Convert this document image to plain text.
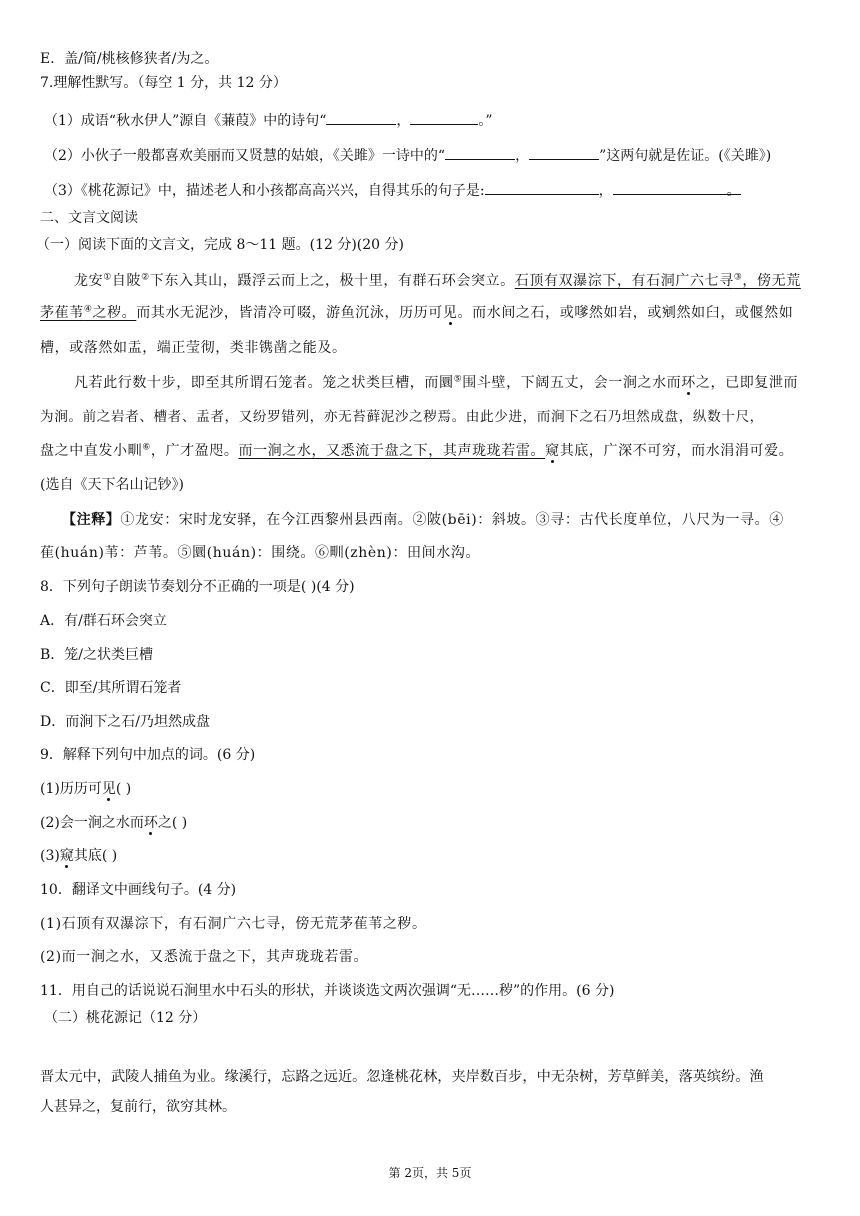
E．盖/简/桃核修狭者/为之。
7.理解性默写。（每空 1 分，共 12 分）
（1）成语“秋水伊人”源自《蒹葭》中的诗句“	，	。”
（2）小伙子一般都喜欢美丽而又贤慧的姑娘，《关雎》一诗中的“	，	”这两句就是佐证。(《关雎》)
（3）《桃花源记》中，描述老人和小孩都高高兴兴，自得其乐的句子是:	，	。
二、文言文阅读
（一）阅读下面的文言文，完成 8～11 题。(12 分)(20 分)
龙安①自陂②下东入其山，蹑浮云而上之，极十里，有群石环会突立。石顶有双瀑淙下，有石洞广六七寻③，傍无荒
茅萑苇④之秽。而其水无泥沙，皆清冷可啜，游鱼沉泳，历历可见。而水间之石，或嗲然如岩，或剜然如臼，或偃然如
槽，或落然如盂，端正莹彻，类非镌凿之能及。
凡若此行数十步，即至其所谓石笼者。笼之状类巨槽，而圜⑤围斗壁，下阔五丈，会一涧之水而环之，已即复泄而
为涧。前之岩者、槽者、盂者，又纷罗错列，亦无苔藓泥沙之秽焉。由此少进，而涧下之石乃坦然成盘，纵数十尺，
盘之中直发小甽⑥，广才盈咫。而一涧之水，又悉流于盘之下，其声珑珑若雷。窥其底，广深不可穷，而水涓涓可爱。
(选自《天下名山记钞》)
【注释】①龙安：宋时龙安驿，在今江西黎州县西南。②陂(bēi)：斜坡。③寻：古代长度单位，八尺为一寻。④
萑(huán)苇：芦苇。⑤圜(huán)：围绕。⑥甽(zhèn)：田间水沟。
8．下列句子朗读节奏划分不正确的一项是( )(4 分)
A．有/群石环会突立
B．笼/之状类巨槽
C．即至/其所谓石笼者
D．而涧下之石/乃坦然成盘
9．解释下列句中加点的词。(6 分)
(1)历历可见( )
(2)会一涧之水而环之( )
(3)窥其底( )
10．翻译文中画线句子。(4 分)
(1)石顶有双瀑淙下，有石洞广六七寻，傍无荒茅萑苇之秽。
(2)而一涧之水，又悉流于盘之下，其声珑珑若雷。
11．用自己的话说说石涧里水中石头的形状，并谈谈选文两次强调“无……秽”的作用。(6 分)
（二）桃花源记（12 分）
晋太元中，武陵人捕鱼为业。缘溪行，忘路之远近。忽逢桃花林，夹岸数百步，中无杂树，芳草鲜美，落英缤纷。渔
人甚异之，复前行，欲穷其林。
第 2页，共 5页
